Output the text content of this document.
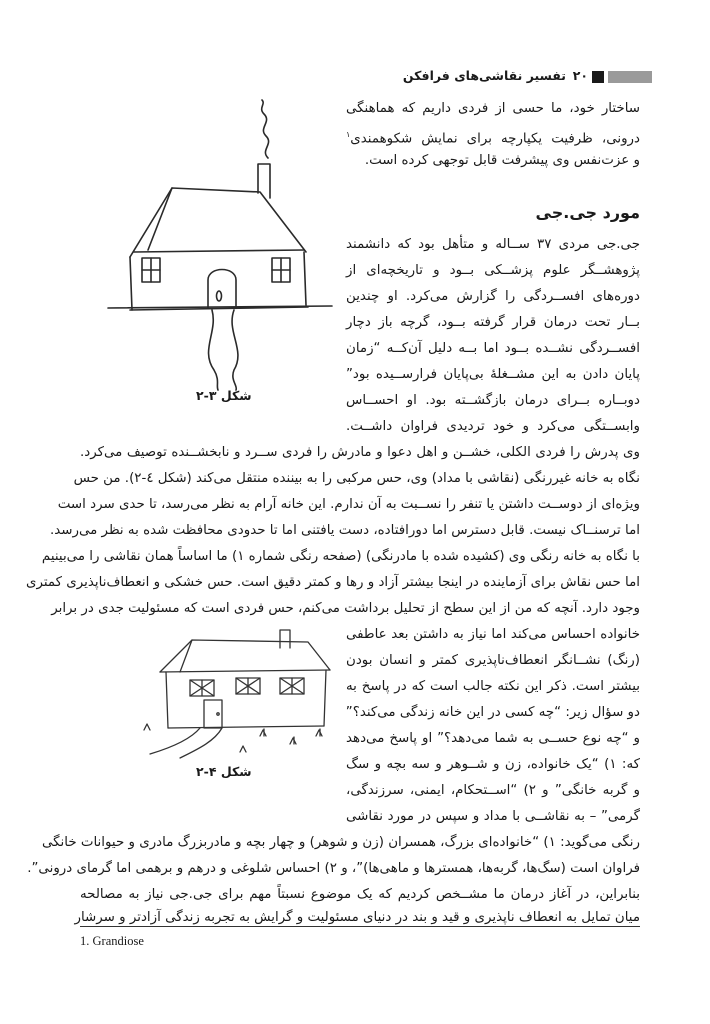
۲۰
تفسیر نقاشی‌های فرافکن
ساختار خود، ما حسی از فردی داریم که هماهنگی
درونی، ظرفیت یکپارچه برای نمایش شکوهمندی$^۱$
و عزت‌نفس وی پیشرفت قابل توجهی کرده است.
مورد جی.جی
جی.جی مردی ۳۷ ســاله و متأهل بود که دانشمند
پژوهشــگر علوم پزشــکی بــود و تاریخچه‌ای از
دوره‌های افســردگی را گزارش می‌کرد. او چندین
بــار تحت درمان قرار گرفته بــود، گرچه باز دچار
افســردگی نشــده بــود اما بــه دلیل آن‌کــه “زمان
پایان دادن به این مشــغلهٔ بی‌پایان فرارســیده بود”
دوبــاره بــرای درمان بازگشــته بود. او احســاس
وابســتگی می‌کرد و خود تردیدی فراوان داشــت.
شکل ۳-۲
وی پدرش را فردی الکلی، خشــن و اهل دعوا و مادرش را فردی ســرد و نابخشــنده توصیف می‌کرد.
نگاه به خانه غیررنگی (نقاشی با مداد) وی، حس مرکبی را به بیننده منتقل می‌کند (شکل ٤-۲). من حس
ویژه‌ای از دوســت داشتن یا تنفر را نســبت به آن ندارم. این خانه آرام به نظر می‌رسد، تا حدی سرد است
اما ترسنــاک نیست. قابل دسترس اما دورافتاده، دست یافتنی اما تا حدودی محافظت شده به نظر می‌رسد.
با نگاه به خانه رنگی وی (کشیده شده با مادرنگی) (صفحه رنگی شماره ۱) ما اساساً همان نقاشی را می‌بینیم
اما حس نقاش برای آزماینده در اینجا بیشتر آزاد و رها و کمتر دقیق است. حس خشکی و انعطاف‌ناپذیری کمتری
وجود دارد. آنچه که من از این سطح از تحلیل برداشت می‌کنم، حس فردی است که مسئولیت جدی در برابر
خانواده احساس می‌کند اما نیاز به داشتن بعد عاطفی
(رنگ) نشــانگر انعطاف‌ناپذیری کمتر و انسان بودن
بیشتر است. ذکر این نکته جالب است که در پاسخ به
دو سؤال زیر: “چه کسی در این خانه زندگی می‌کند؟”
و “چه نوع حســی به شما می‌دهد؟” او پاسخ می‌دهد
که: ۱) “یک خانواده، زن و شــوهر و سه بچه و سگ
و گربه خانگی” و ۲) “اســتحکام، ایمنی، سرزندگی،
گرمی” – به نقاشــی با مداد و سپس در مورد نقاشی
شکل ۴-۲
رنگی می‌گوید: ۱) “خانواده‌ای بزرگ، همسران (زن و شوهر) و چهار بچه و مادربزرگ مادری و حیوانات خانگی
فراوان است (سگ‌ها، گربه‌ها، همسترها و ماهی‌ها)”، و ۲) احساس شلوغی و درهم و برهمی اما گرمای درونی”.
بنابراین، در آغاز درمان ما مشــخص کردیم که یک موضوع نسبتاً مهم برای جی.جی نیاز به مصالحه
میان تمایل به انعطاف ناپذیری و قید و بند در دنیای مسئولیت و گرایش به تجربه زندگی آزادتر و سرشار
1. Grandiose
